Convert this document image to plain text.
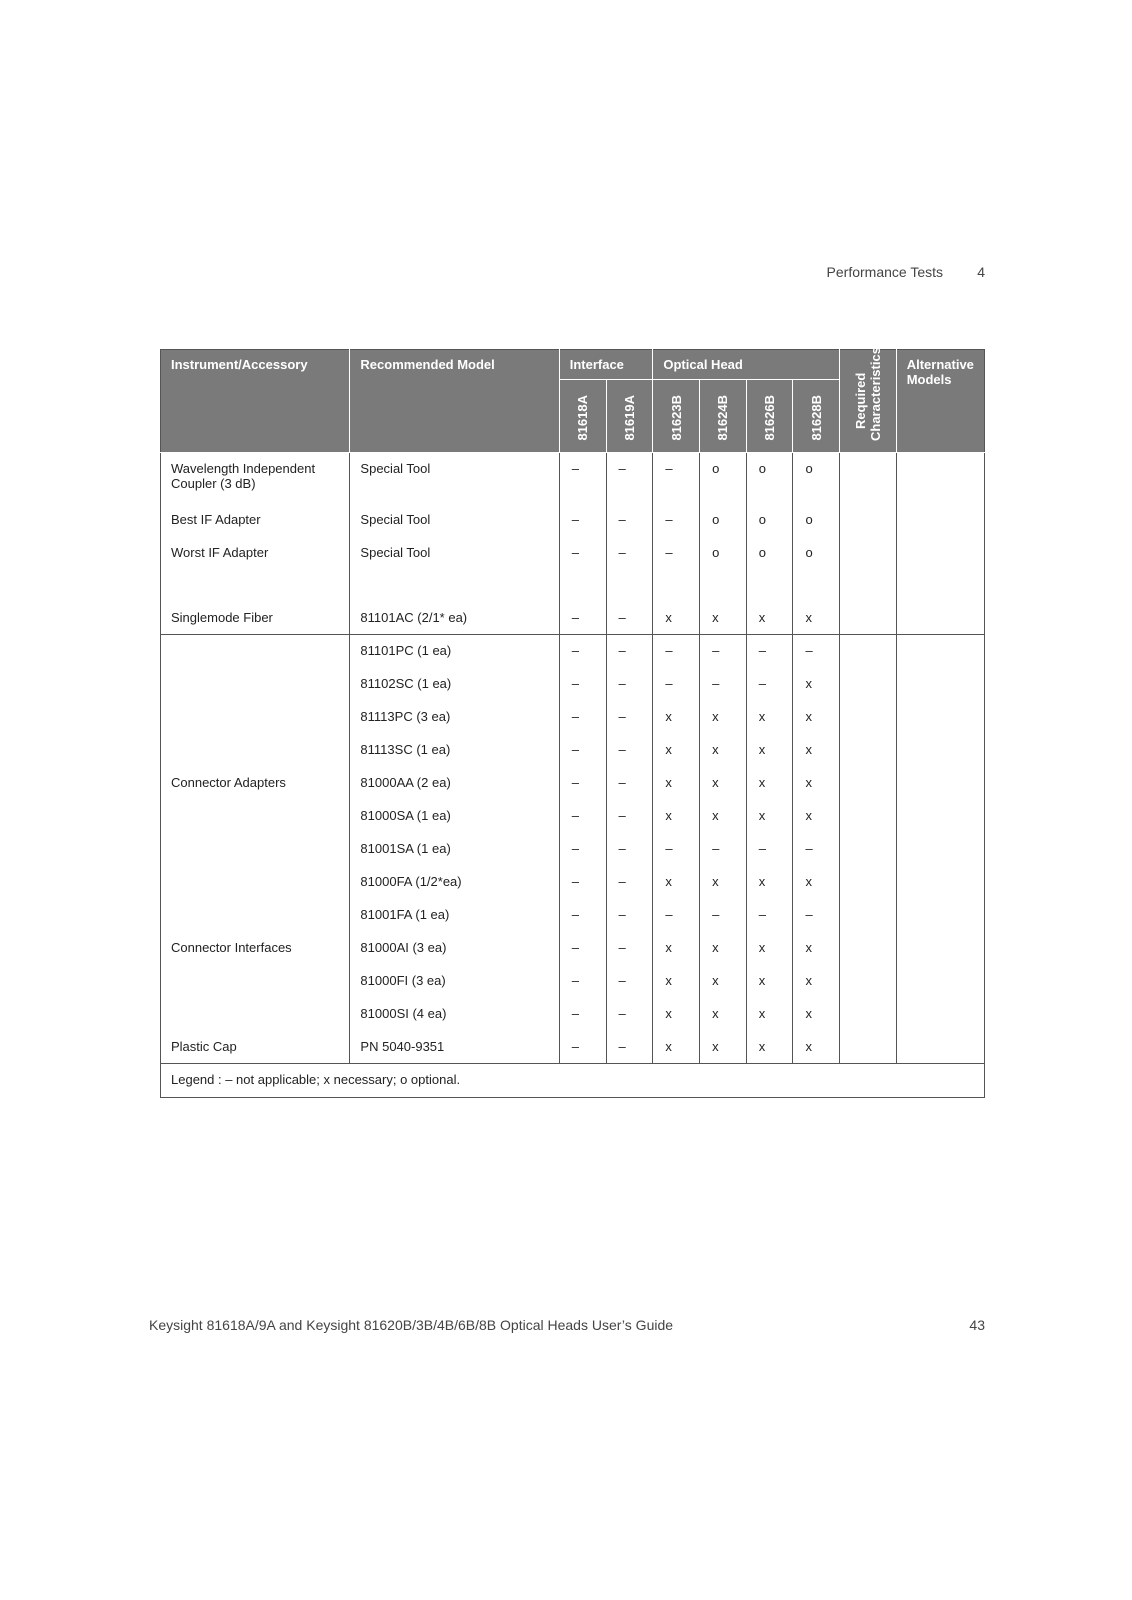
Performance Tests 4
Instrument/Accessory	Recommended Model	Interface		Optical Head				Required Characteristics	Alternative Models
		81618A	81619A	81623B	81624B	81626B	81628B		
Wavelength Independent Coupler (3 dB)	Special Tool	–	–	–	o	o	o		
Best IF Adapter	Special Tool	–	–	–	o	o	o		
Worst IF Adapter	Special Tool	–	–	–	o	o	o		
Singlemode Fiber	81101AC (2/1* ea)	–	–	x	x	x	x		
	81101PC (1 ea)	–	–	–	–	–	–		
	81102SC (1 ea)	–	–	–	–	–	x		
	81113PC (3 ea)	–	–	x	x	x	x		
	81113SC (1 ea)	–	–	x	x	x	x		
Connector Adapters	81000AA (2 ea)	–	–	x	x	x	x		
	81000SA (1 ea)	–	–	x	x	x	x		
	81001SA (1 ea)	–	–	–	–	–	–		
	81000FA (1/2*ea)	–	–	x	x	x	x		
	81001FA (1 ea)	–	–	–	–	–	–		
Connector Interfaces	81000AI (3 ea)	–	–	x	x	x	x		
	81000FI (3 ea)	–	–	x	x	x	x		
	81000SI (4 ea)	–	–	x	x	x	x		
Plastic Cap	PN 5040-9351	–	–	x	x	x	x		
Legend : – not applicable; x necessary; o optional.									
Keysight 81618A/9A and Keysight 81620B/3B/4B/6B/8B Optical Heads User’s Guide	43
